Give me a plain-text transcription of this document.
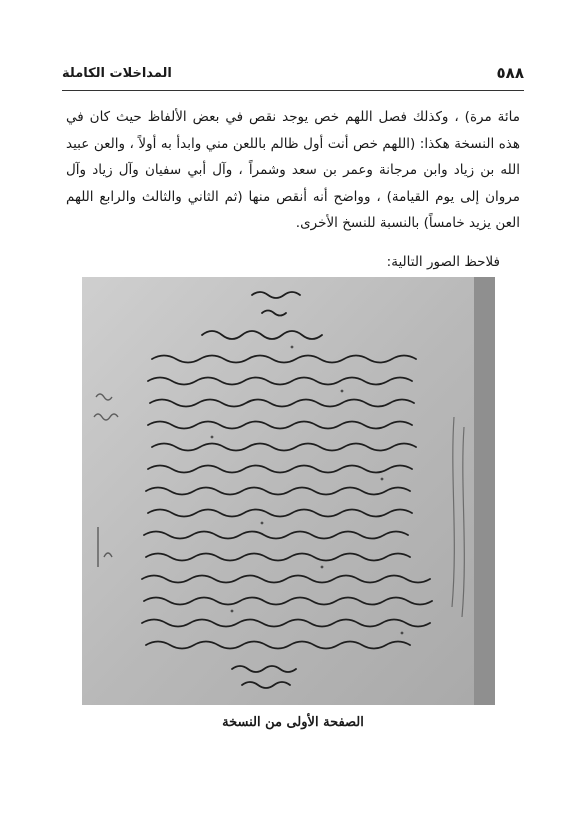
٥٨٨
المداخلات الكاملة

مائة مرة) ، وكذلك فصل اللهم خص يوجد نقص في بعض الألفاظ حيث كان في هذه النسخة هكذا: (اللهم خص أنت أول ظالم باللعن مني وابدأ به أولاً ، والعن عبيد الله بن زياد وابن مرجانة وعمر بن سعد وشمراً ، وآل أبي سفيان وآل زياد وآل مروان إلى يوم القيامة) ، وواضح أنه أنقص منها (ثم الثاني والثالث والرابع اللهم العن يزيد خامساً) بالنسبة للنسخ الأخرى.

فلاحظ الصور التالية:
الصفحة الأولى من النسخة
